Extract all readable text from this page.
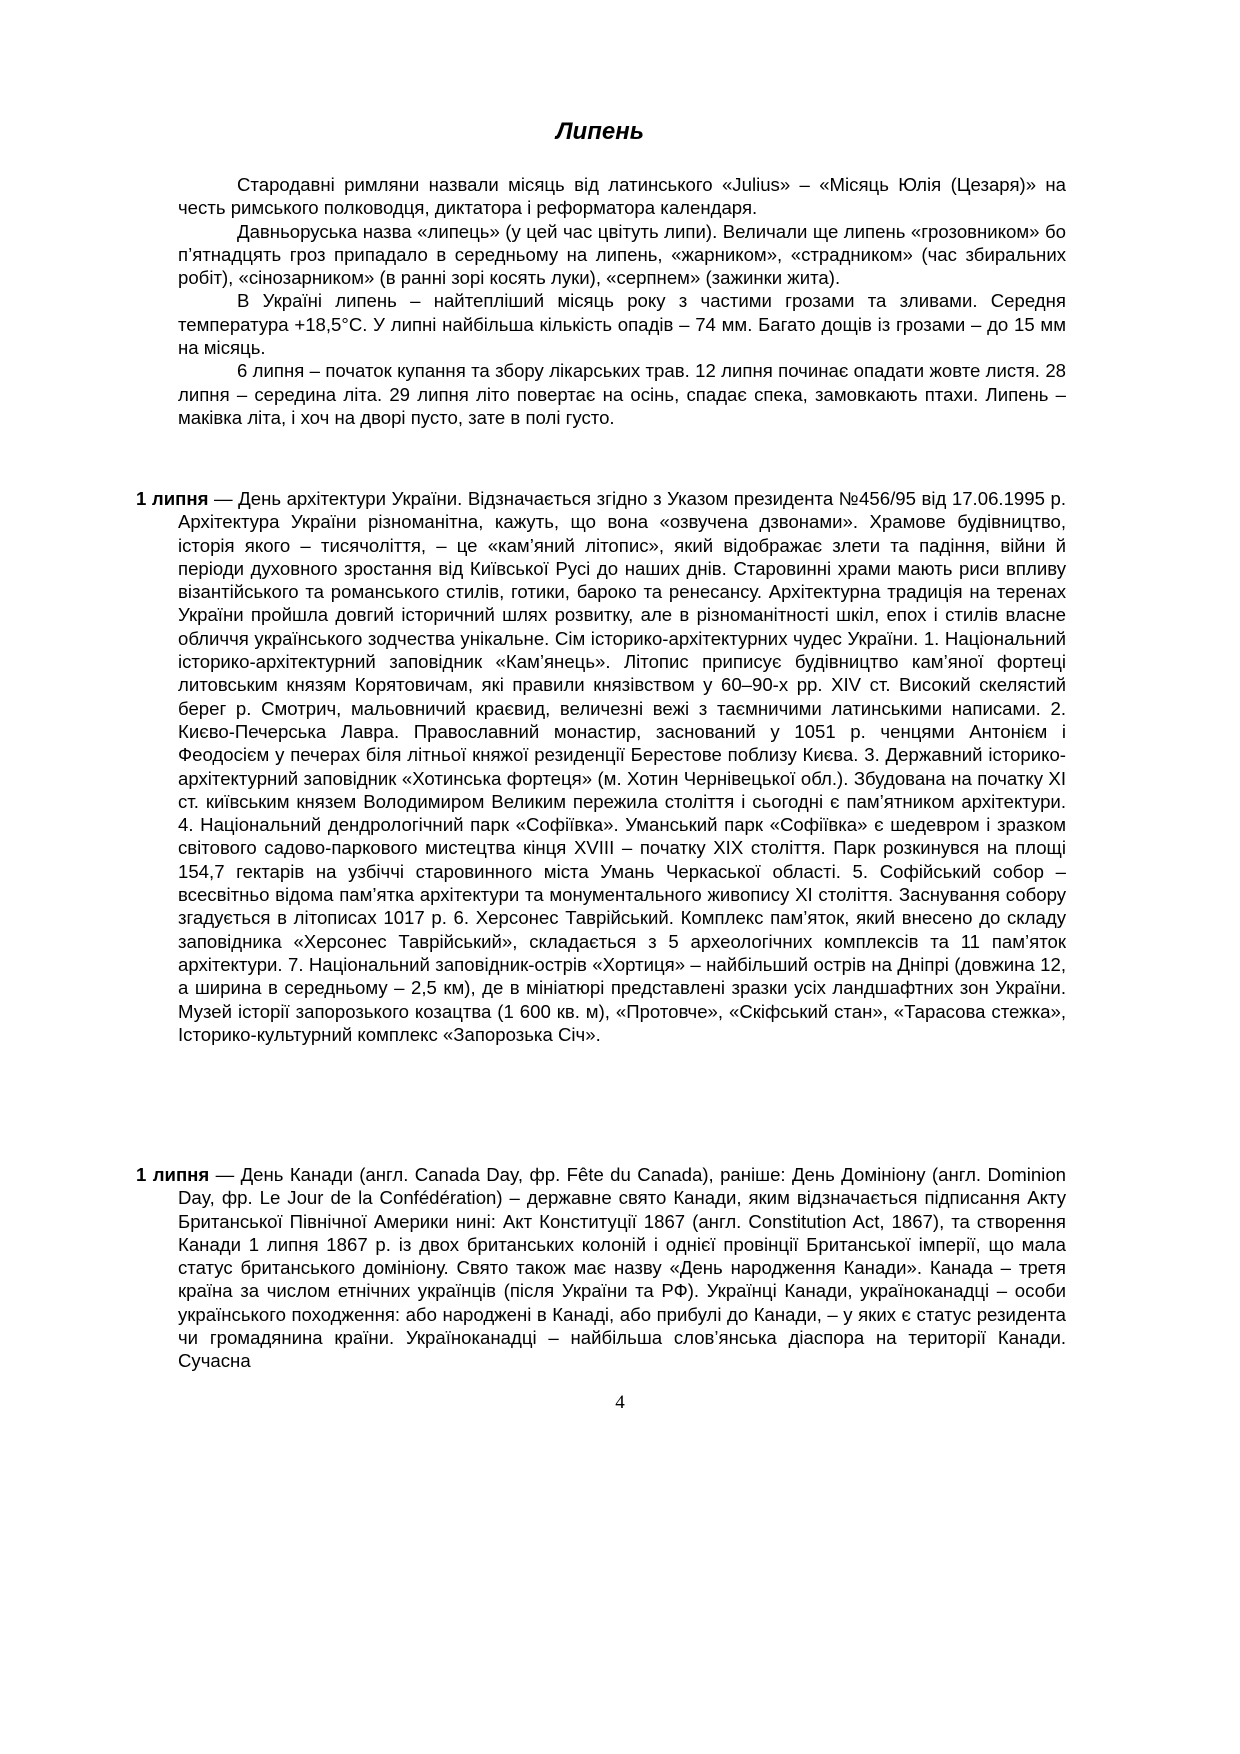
Липень

Стародавні римляни назвали місяць від латинського «Julius» – «Місяць Юлія (Цезаря)» на честь римського полководця, диктатора і реформатора календаря.

Давньоруська назва «липець» (у цей час цвітуть липи). Величали ще липень «грозовником» бо п’ятнадцять гроз припадало в середньому на липень, «жарником», «страдником» (час збиральних робіт), «сінозарником» (в ранні зорі косять луки), «серпнем» (зажинки жита).

В Україні липень – найтепліший місяць року з частими грозами та зливами. Середня температура +18,5°С. У липні найбільша кількість опадів – 74 мм. Багато дощів із грозами – до 15 мм на місяць.

6 липня – початок купання та збору лікарських трав. 12 липня починає опадати жовте листя. 28 липня – середина літа. 29 липня літо повертає на осінь, спадає спека, замовкають птахи. Липень – маківка літа, і хоч на дворі пусто, зате в полі густо.

1 липня — День архітектури України. Відзначається згідно з Указом президента №456/95 від 17.06.1995 р. Архітектура України різноманітна, кажуть, що вона «озвучена дзвонами». Храмове будівництво, історія якого – тисячоліття, – це «кам’яний літопис», який відображає злети та падіння, війни й періоди духовного зростання від Київської Русі до наших днів. Старовинні храми мають риси впливу візантійського та романського стилів, готики, бароко та ренесансу. Архітектурна традиція на теренах України пройшла довгий історичний шлях розвитку, але в різноманітності шкіл, епох і стилів власне обличчя українського зодчества унікальне. Сім історико-архітектурних чудес України. 1. Національний історико-архітектурний заповідник «Кам’янець». Літопис приписує будівництво кам’яної фортеці литовським князям Корятовичам, які правили князівством у 60–90-х рр. XIV ст. Високий скелястий берег р. Смотрич, мальовничий краєвид, величезні вежі з таємничими латинськими написами. 2. Києво-Печерська Лавра. Православний монастир, заснований у 1051 р. ченцями Антонієм і Феодосієм у печерах біля літньої княжої резиденції Берестове поблизу Києва. 3. Державний історико-архітектурний заповідник «Хотинська фортеця» (м. Хотин Чернівецької обл.). Збудована на початку XI ст. київським князем Володимиром Великим пережила століття і сьогодні є пам’ятником архітектури. 4. Національний дендрологічний парк «Софіївка». Уманський парк «Софіївка» є шедевром і зразком світового садово-паркового мистецтва кінця XVIII – початку XIX століття. Парк розкинувся на площі 154,7 гектарів на узбіччі старовинного міста Умань Черкаської області. 5. Софійський собор – всесвітньо відома пам’ятка архітектури та монументального живопису XI століття. Заснування собору згадується в літописах 1017 р. 6. Херсонес Таврійський. Комплекс пам’яток, який внесено до складу заповідника «Херсонес Таврійський», складається з 5 археологічних комплексів та 11 пам’яток архітектури. 7. Національний заповідник-острів «Хортиця» – найбільший острів на Дніпрі (довжина 12, а ширина в середньому – 2,5 км), де в мініатюрі представлені зразки усіх ландшафтних зон України. Музей історії запорозького козацтва (1 600 кв. м), «Протовче», «Скіфський стан», «Тарасова стежка», Історико-культурний комплекс «Запорозька Січ».

1 липня — День Канади (англ. Canada Day, фр. Fête du Canada), раніше: День Домініону (англ. Dominion Day, фр. Le Jour de la Confédération) – державне свято Канади, яким відзначається підписання Акту Британської Північної Америки нині: Акт Конституції 1867 (англ. Constitution Act, 1867), та створення Канади 1 липня 1867 р. із двох британських колоній і однієї провінції Британської імперії, що мала статус британського домініону. Свято також має назву «День народження Канади». Канада – третя країна за числом етнічних українців (після України та РФ). Українці Канади, україноканадці – особи українського походження: або народжені в Канаді, або прибулі до Канади, – у яких є статус резидента чи громадянина країни. Українoканадці – найбільша слов’янська діаспора на території Канади. Сучасна

4
